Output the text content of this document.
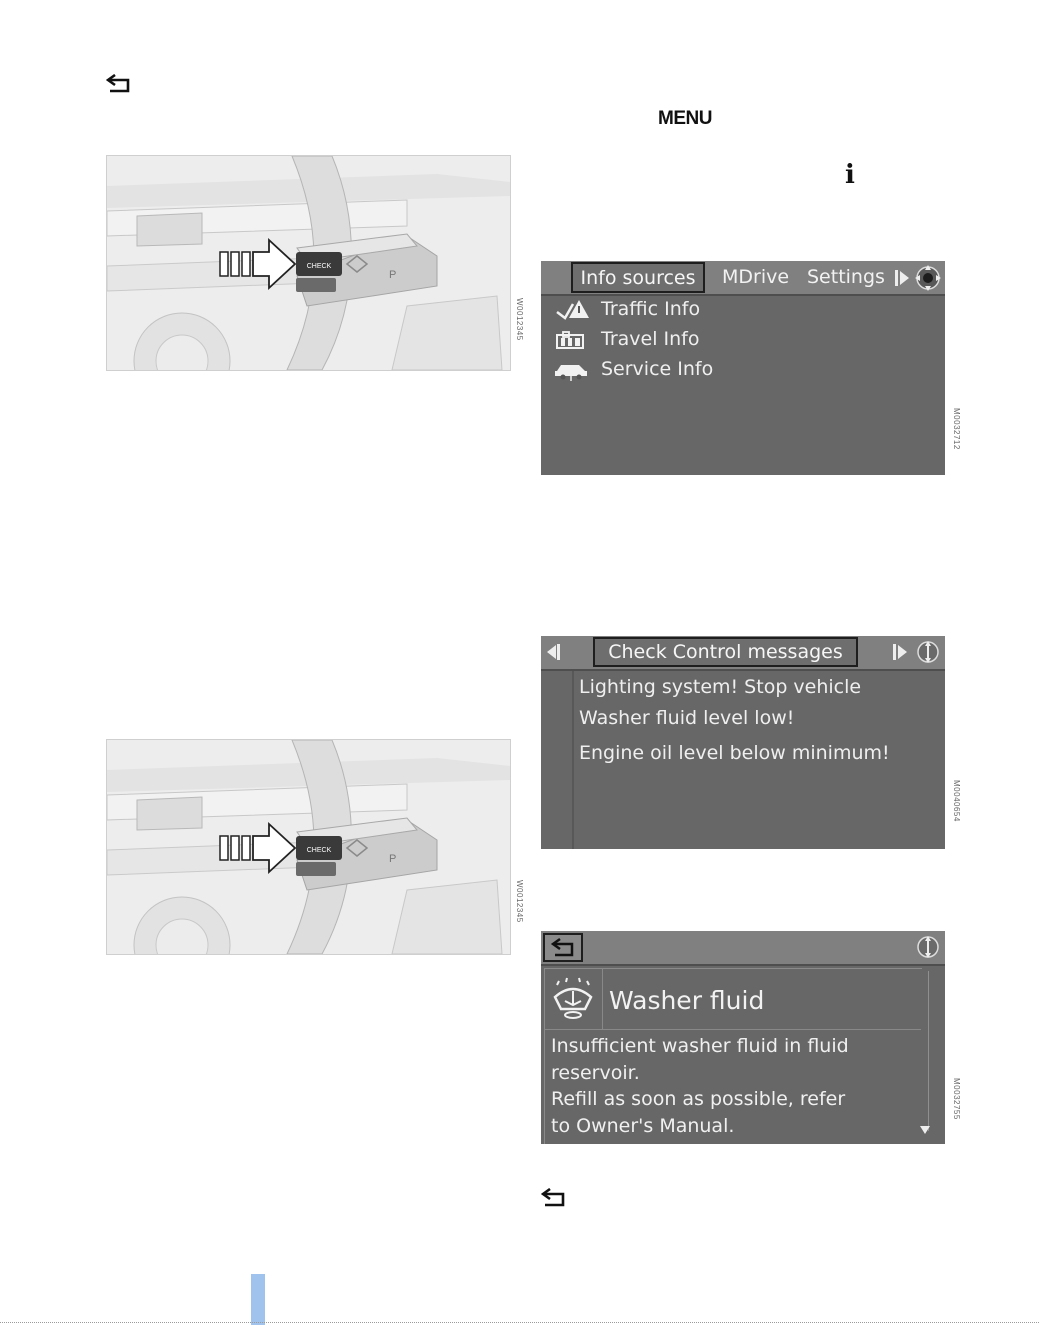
MENU
i
CHECK
P
W0012345
CHECK
P
W0012345
Info sources	MDrive Settings
Traffic Info
Travel Info
Service Info
M0032712
Check Control messages
Lighting system! Stop vehicle
Washer fluid level low!
Engine oil level below minimum!
M0040654
Washer fluid
Insufficient washer fluid in fluid
reservoir.
Refill as soon as possible, refer
to Owner's Manual.
M0032755
